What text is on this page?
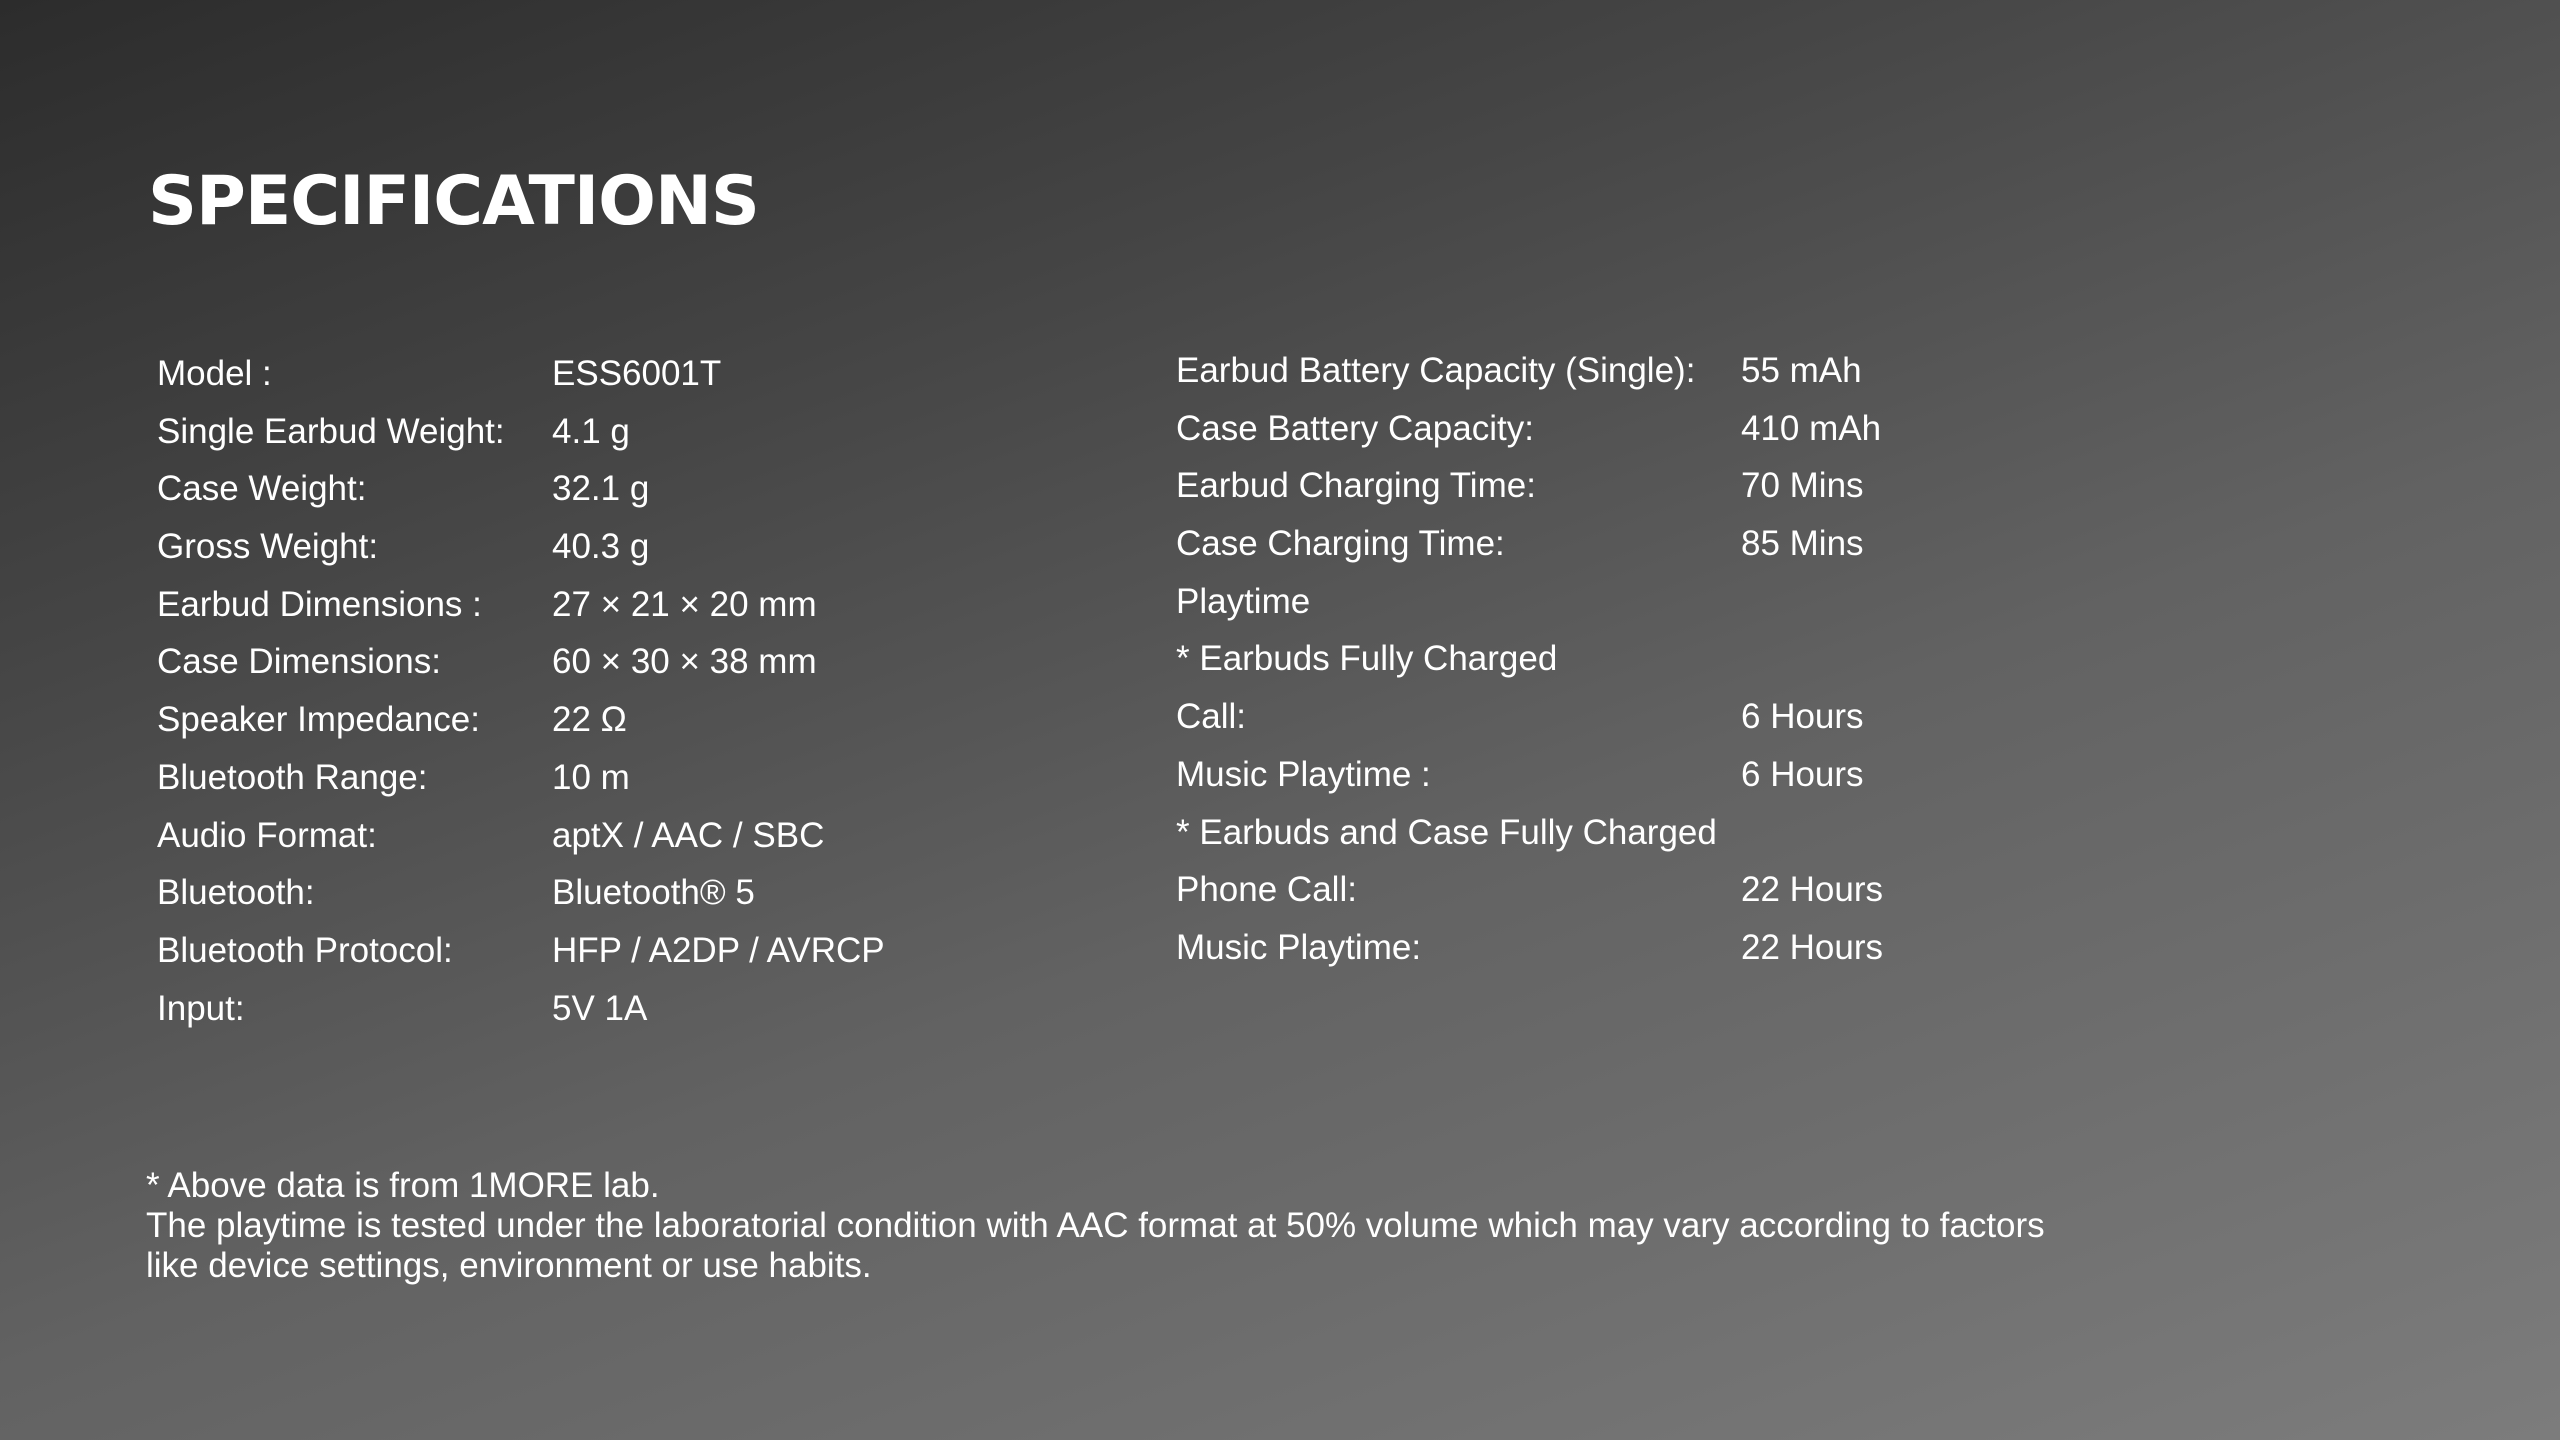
SPECIFICATIONS
Model :	ESS6001T
Single Earbud Weight: 4.1 g
Case Weight:	32.1 g
Gross Weight:	40.3 g
Earbud Dimensions : 27 × 21 × 20 mm
Case Dimensions:	60 × 30 × 38 mm
Speaker Impedance: 22 Ω
Bluetooth Range:	10 m
Audio Format:	aptX / AAC / SBC
Bluetooth:	Bluetooth® 5
Bluetooth Protocol:	HFP / A2DP / AVRCP
Input:	5V 1A
Earbud Battery Capacity (Single): 55 mAh
Case Battery Capacity:	410 mAh
Earbud Charging Time:	70 Mins
Case Charging Time:	85 Mins
Playtime
* Earbuds Fully Charged
Call:	6 Hours
Music Playtime :	6 Hours
* Earbuds and Case Fully Charged
Phone Call:	22 Hours
Music Playtime:	22 Hours

* Above data is from 1MORE lab.

The playtime is tested under the laboratorial condition with AAC format at 50% volume which may vary according to factors like device settings, environment or use habits.
